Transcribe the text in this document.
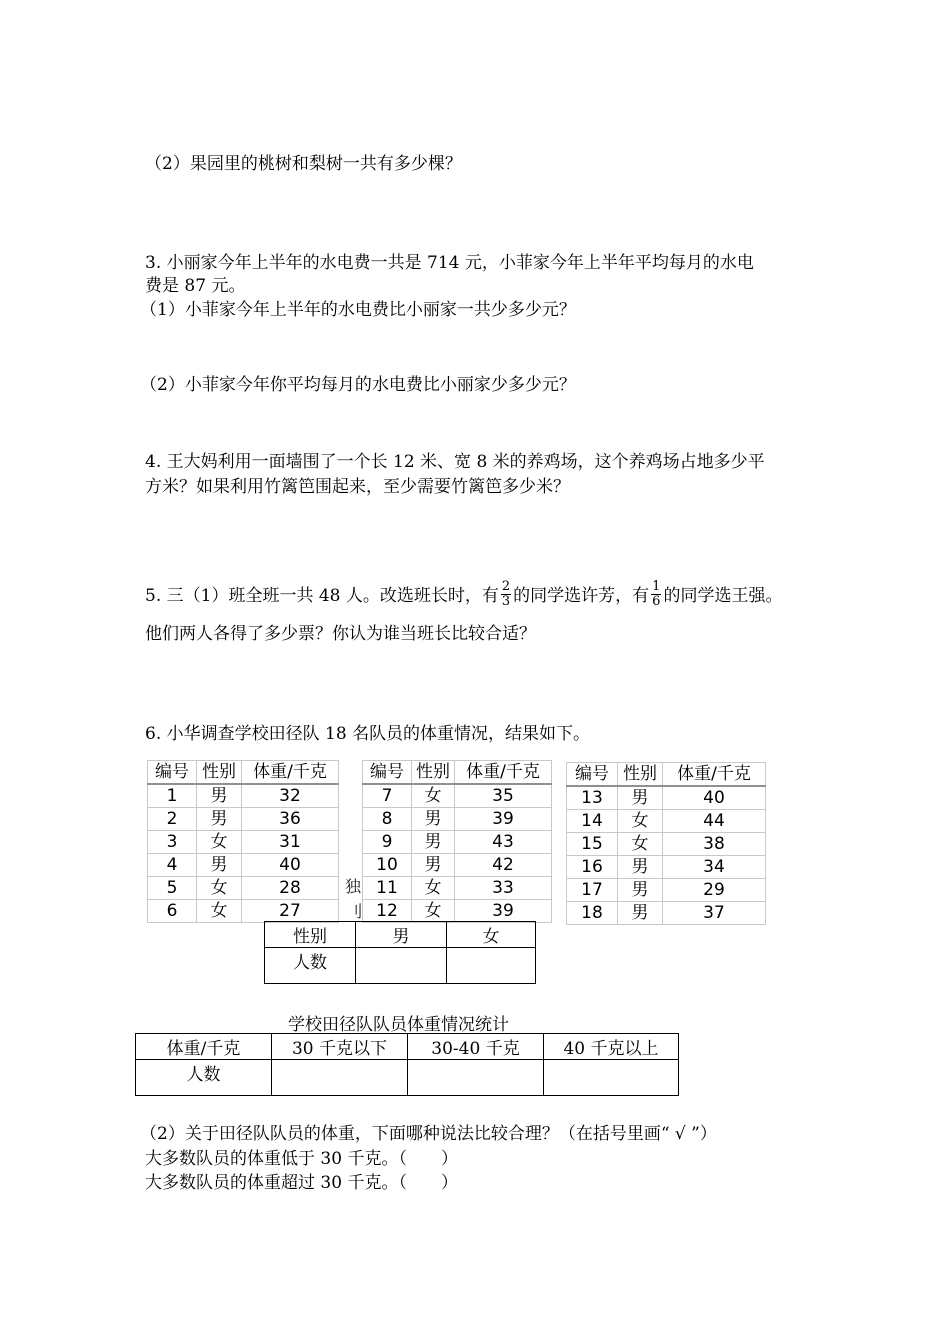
（2）果园里的桃树和梨树一共有多少棵？
3. 小丽家今年上半年的水电费一共是 714 元，小菲家今年上半年平均每月的水电
费是 87 元。
（1）小菲家今年上半年的水电费比小丽家一共少多少元？
（2）小菲家今年你平均每月的水电费比小丽家少多少元？
4. 王大妈利用一面墙围了一个长 12 米、宽 8 米的养鸡场，这个养鸡场占地多少平
方米？如果利用竹篱笆围起来，至少需要竹篱笆多少米？
5. 三（1）班全班一共 48 人。改选班长时，有 $\frac{2}{3}$ 的同学选许芳，有 $\frac{1}{6}$ 的同学选王强。
他们两人各得了多少票？你认为谁当班长比较合适？
6. 小华调查学校田径队 18 名队员的体重情况，结果如下。
编号	性别	体重/千克
1	男	32
2	男	36
3	女	31
4	男	40
5	女	28
6	女	27
编号	性别	体重/千克
7	女	35
8	男	39
9	男	43
10	男	42
11	女	33
12	女	39
编号	性别	体重/千克
13	男	40
14	女	44
15	女	38
16	男	34
17	男	29
18	男	37
独
刂
性别	男	女
人数		
学校田径队队员体重情况统计
体重/千克	30 千克以下	30-40 千克	40 千克以上
人数			
（2）关于田径队队员的体重，下面哪种说法比较合理？（在括号里画“ √ ”）
大多数队员的体重低于 30 千克。（　　）
大多数队员的体重超过 30 千克。（　　）
